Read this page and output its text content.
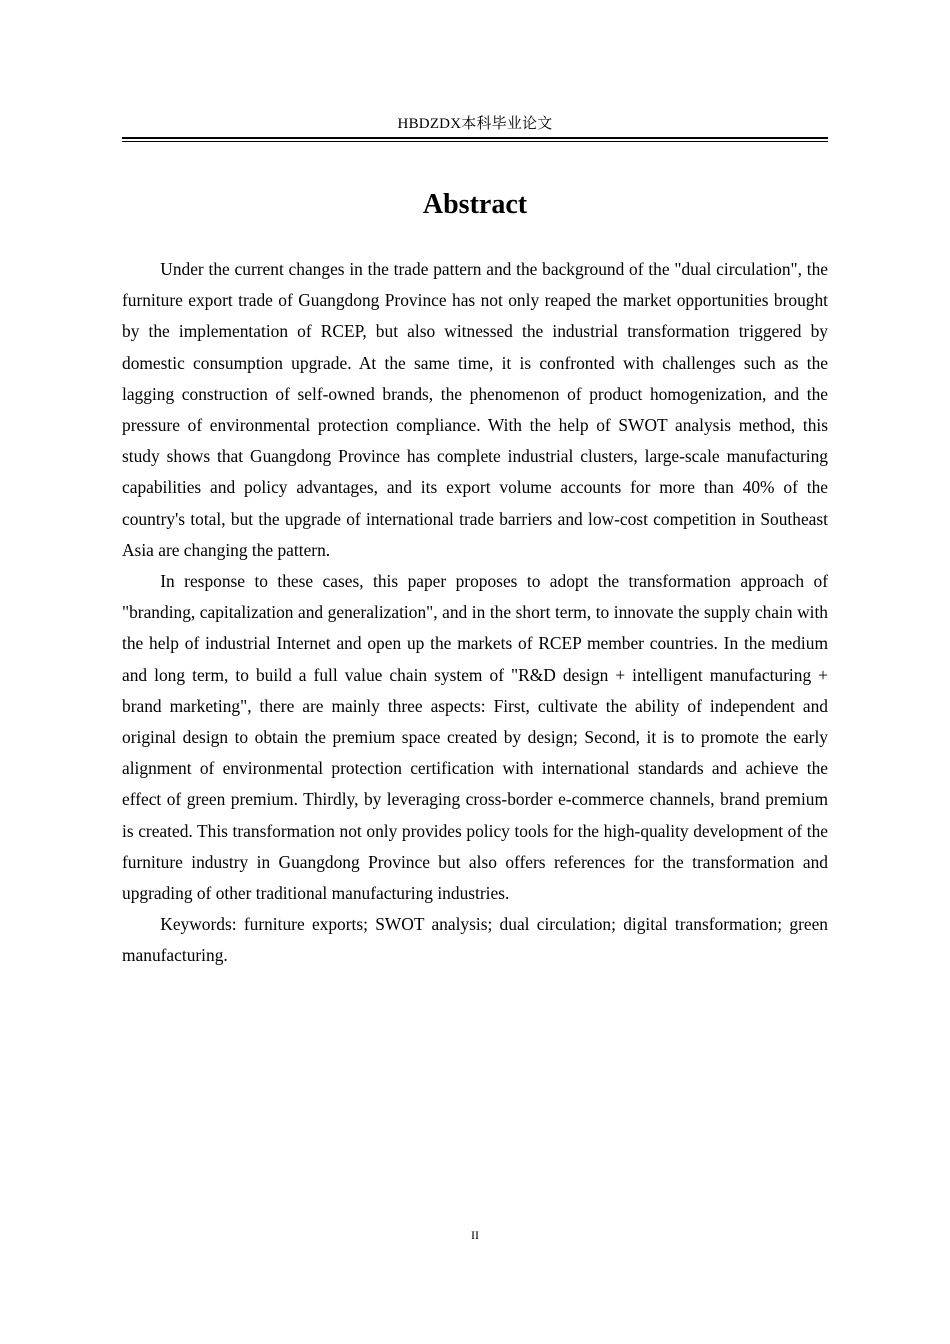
HBDZDX本科毕业论文
Abstract

Under the current changes in the trade pattern and the background of the "dual circulation", the furniture export trade of Guangdong Province has not only reaped the market opportunities brought by the implementation of RCEP, but also witnessed the industrial transformation triggered by domestic consumption upgrade. At the same time, it is confronted with challenges such as the lagging construction of self-owned brands, the phenomenon of product homogenization, and the pressure of environmental protection compliance. With the help of SWOT analysis method, this study shows that Guangdong Province has complete industrial clusters, large-scale manufacturing capabilities and policy advantages, and its export volume accounts for more than 40% of the country's total, but the upgrade of international trade barriers and low-cost competition in Southeast Asia are changing the pattern.

In response to these cases, this paper proposes to adopt the transformation approach of "branding, capitalization and generalization", and in the short term, to innovate the supply chain with the help of industrial Internet and open up the markets of RCEP member countries. In the medium and long term, to build a full value chain system of "R&D design + intelligent manufacturing + brand marketing", there are mainly three aspects: First, cultivate the ability of independent and original design to obtain the premium space created by design; Second, it is to promote the early alignment of environmental protection certification with international standards and achieve the effect of green premium. Thirdly, by leveraging cross-border e-commerce channels, brand premium is created. This transformation not only provides policy tools for the high-quality development of the furniture industry in Guangdong Province but also offers references for the transformation and upgrading of other traditional manufacturing industries.

Keywords: furniture exports; SWOT analysis; dual circulation; digital transformation; green manufacturing.

II
